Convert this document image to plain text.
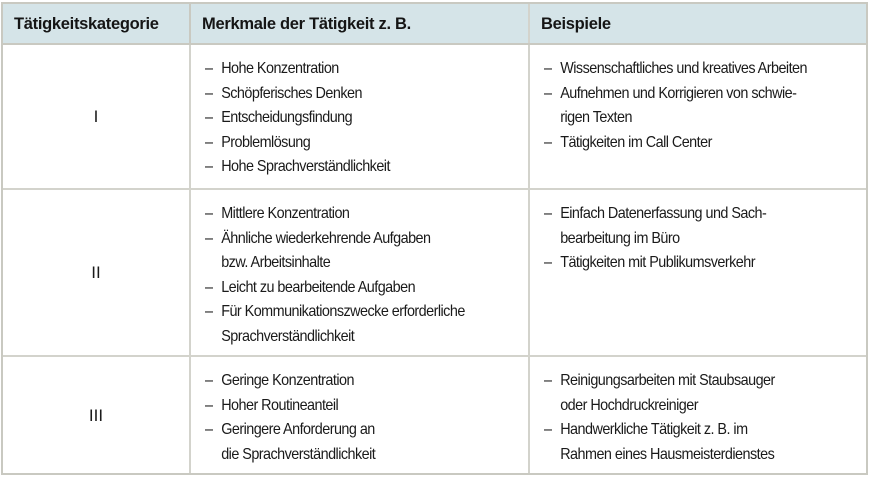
Tätigkeitskategorie	Merkmale der Tätigkeit z. B.	Beispiele
I
– Hohe Konzentration
– Schöpferisches Denken
– Entscheidungsfindung
– Problemlösung
– Hohe Sprachverständlichkeit
– Wissenschaftliches und kreatives Arbeiten
– Aufnehmen und Korrigieren von schwie-
rigen Texten
– Tätigkeiten im Call Center
II
– Mittlere Konzentration
– Ähnliche wiederkehrende Aufgaben
bzw. Arbeitsinhalte
– Leicht zu bearbeitende Aufgaben
– Für Kommunikationszwecke erforderliche
Sprachverständlichkeit
– Einfach Datenerfassung und Sach-
bearbeitung im Büro
– Tätigkeiten mit Publikumsverkehr
III
– Geringe Konzentration
– Hoher Routineanteil
– Geringere Anforderung an
die Sprachverständlichkeit
– Reinigungsarbeiten mit Staubsauger
oder Hochdruckreiniger
– Handwerkliche Tätigkeit z. B. im
Rahmen eines Hausmeisterdienstes
